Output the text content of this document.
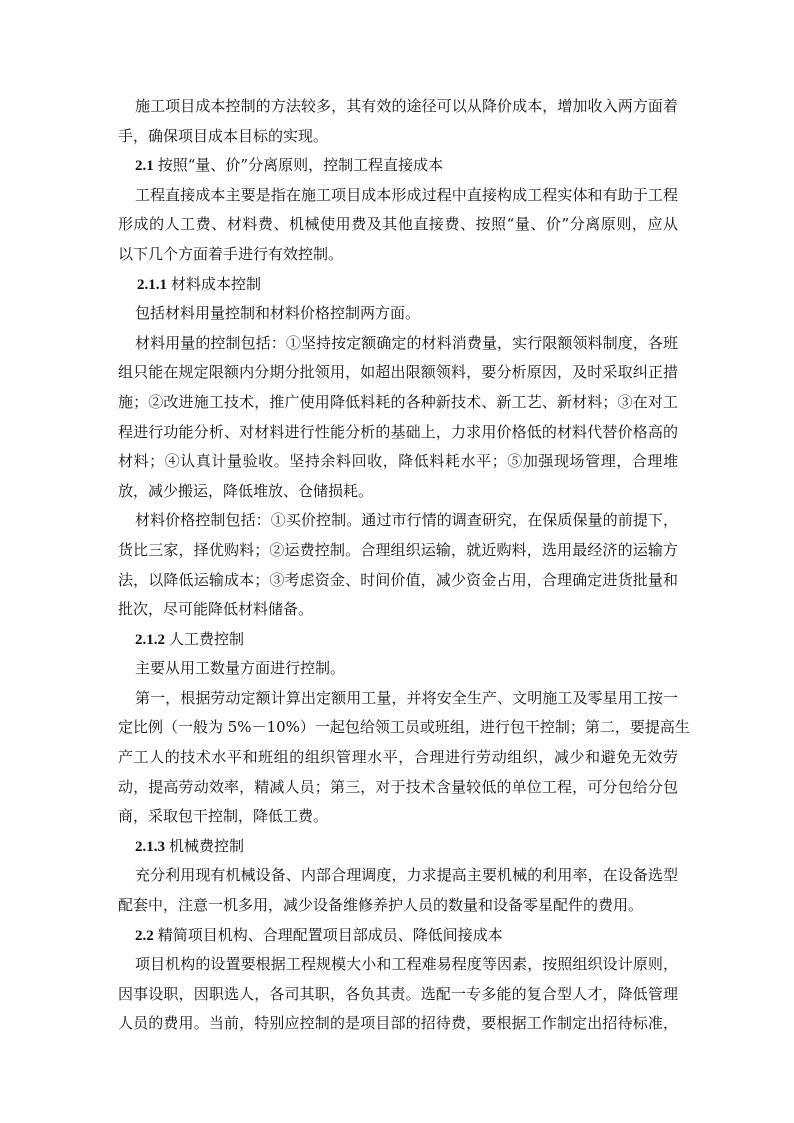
施工项目成本控制的方法较多，其有效的途径可以从降价成本，增加收入两方面着
手，确保项目成本目标的实现。
2.1 按照“量、价”分离原则，控制工程直接成本
工程直接成本主要是指在施工项目成本形成过程中直接构成工程实体和有助于工程
形成的人工费、材料费、机械使用费及其他直接费、按照“量、价”分离原则，应从
以下几个方面着手进行有效控制。
2.1.1 材料成本控制
包括材料用量控制和材料价格控制两方面。
材料用量的控制包括：①坚持按定额确定的材料消费量，实行限额领料制度，各班
组只能在规定限额内分期分批领用，如超出限额领料，要分析原因，及时采取纠正措
施；②改进施工技术，推广使用降低料耗的各种新技术、新工艺、新材料；③在对工
程进行功能分析、对材料进行性能分析的基础上，力求用价格低的材料代替价格高的
材料；④认真计量验收。坚持余料回收，降低料耗水平；⑤加强现场管理，合理堆
放，减少搬运，降低堆放、仓储损耗。
材料价格控制包括：①买价控制。通过市行情的调查研究，在保质保量的前提下，
货比三家，择优购料；②运费控制。合理组织运输，就近购料，选用最经济的运输方
法，以降低运输成本；③考虑资金、时间价值，减少资金占用，合理确定进货批量和
批次，尽可能降低材料储备。
2.1.2 人工费控制
主要从用工数量方面进行控制。
第一，根据劳动定额计算出定额用工量，并将安全生产、文明施工及零星用工按一
定比例（一般为 5%－10%）一起包给领工员或班组，进行包干控制；第二，要提高生
产工人的技术水平和班组的组织管理水平，合理进行劳动组织，减少和避免无效劳
动，提高劳动效率，精减人员；第三，对于技术含量较低的单位工程，可分包给分包
商，采取包干控制，降低工费。
2.1.3 机械费控制
充分利用现有机械设备、内部合理调度，力求提高主要机械的利用率，在设备选型
配套中，注意一机多用，减少设备维修养护人员的数量和设备零星配件的费用。
2.2 精简项目机构、合理配置项目部成员、降低间接成本
项目机构的设置要根据工程规模大小和工程难易程度等因素，按照组织设计原则，
因事设职，因职选人，各司其职，各负其责。选配一专多能的复合型人才，降低管理
人员的费用。当前，特别应控制的是项目部的招待费，要根据工作制定出招待标准，
